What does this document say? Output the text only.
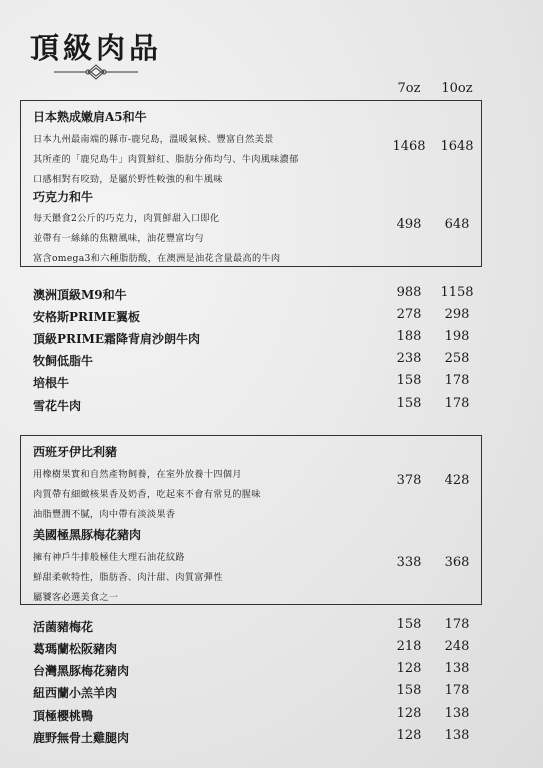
頂級肉品
7oz	10oz
日本熟成嫩肩A5和牛
日本九州最南端的縣市-鹿兒島，溫暖氣候、豐富自然美景
其所產的「鹿兒島牛」肉質鮮紅、脂肪分佈均勻、牛肉風味濃郁
口感相對有咬勁，是屬於野性較強的和牛風味
1468	1648
巧克力和牛
每天餵食2公斤的巧克力，肉質鮮甜入口即化
並帶有一絲絲的焦糖風味，油花豐富均勻
富含omega3和六種脂肪酸，在澳洲是油花含量最高的牛肉
498	648
澳洲頂級M9和牛	988	1158
安格斯PRIME翼板	278	298
頂級PRIME霜降背肩沙朗牛肉	188	198
牧飼低脂牛	238	258
培根牛	158	178
雪花牛肉	158	178
西班牙伊比利豬
用橡樹果實和自然產物飼養，在室外放養十四個月
肉質帶有細緻核果香及奶香，吃起來不會有常見的腥味
油脂豐潤不膩，肉中帶有淡淡果香
378	428
美國極黑豚梅花豬肉
擁有神戶牛排般極佳大理石油花紋路
鮮甜柔軟特性，脂肪香、肉汁甜、肉質富彈性
屬饕客必選美食之一
338	368
活菌豬梅花	158	178
葛瑪蘭松阪豬肉	218	248
台灣黑豚梅花豬肉	128	138
紐西蘭小羔羊肉	158	178
頂極櫻桃鴨	128	138
鹿野無骨土雞腿肉	128	138
